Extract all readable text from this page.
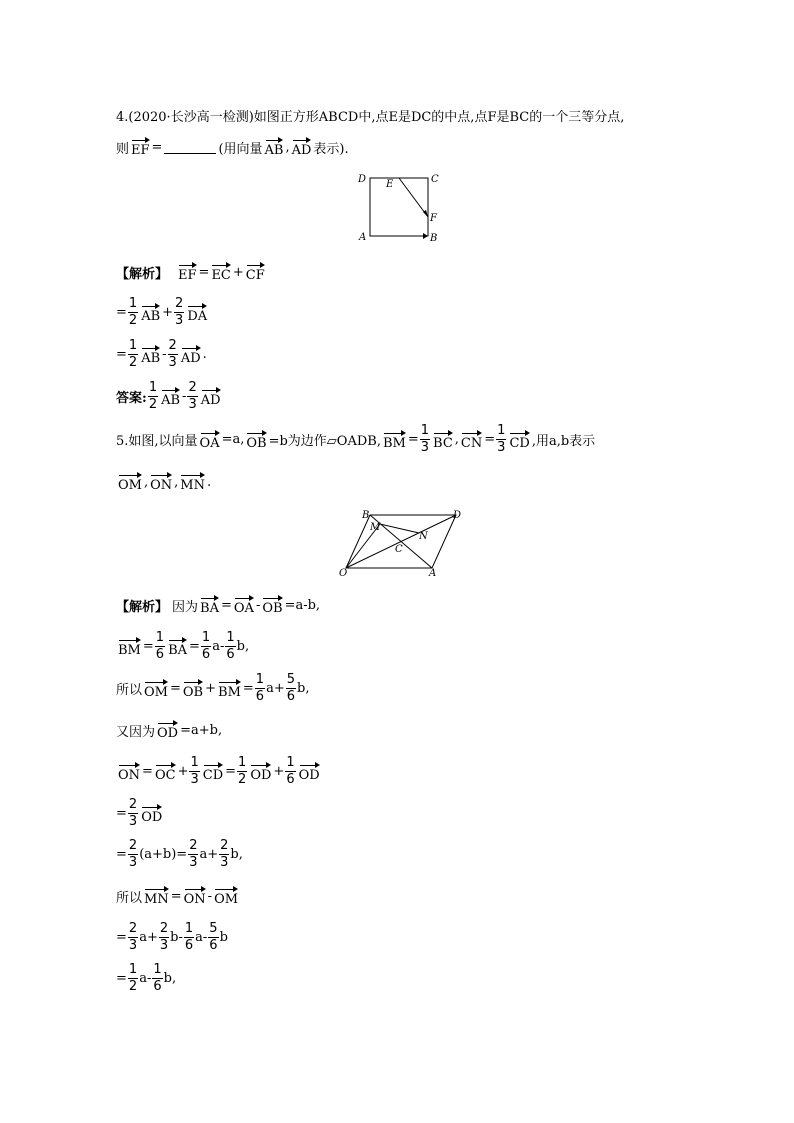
4.(2020·长沙高一检测)如图正方形ABCD中,点E是DC的中点,点F是BC的一个三等分点,
则 EF =	(用向量 AB , AD 表示).
D E	C
F
A	B
【解析】 EF = EC + CF
= $\frac{1}{2}$ AB + $\frac{2}{3}$ DA
= $\frac{1}{2}$ AB - $\frac{2}{3}$ AD .
答案: $\frac{1}{2}$ AB - $\frac{2}{3}$ AD
5.如图,以向量 OA =a, OB =b为边作▱OADB, BM = $\frac{1}{3}$ BC , CN = $\frac{1}{3}$ CD ,用a,b表示
OM , ON , MN .
B
M
D
C
N
O	A
【解析】 因为 BA = OA - OB =a-b,
BM = $\frac{1}{6}$ BA = $\frac{1}{6} a- \frac{1}{6} b$,
所以 OM = OB + BM = $\frac{1}{6} a+ \frac{5}{6} b$,
又因为 OD =a+b,
ON = OC + $\frac{1}{3}$ CD = $\frac{1}{2}$ OD + $\frac{1}{6}$ OD
= $\frac{2}{3}$ OD
= $\frac{2}{3} (a+b)= \frac{2}{3} a+ \frac{2}{3} b$,
所以 MN = ON - OM
= $\frac{2}{3} a+ \frac{2}{3} b- \frac{1}{6} a- \frac{5}{6}$ b
= $\frac{1}{2} a- \frac{1}{6} b$,
